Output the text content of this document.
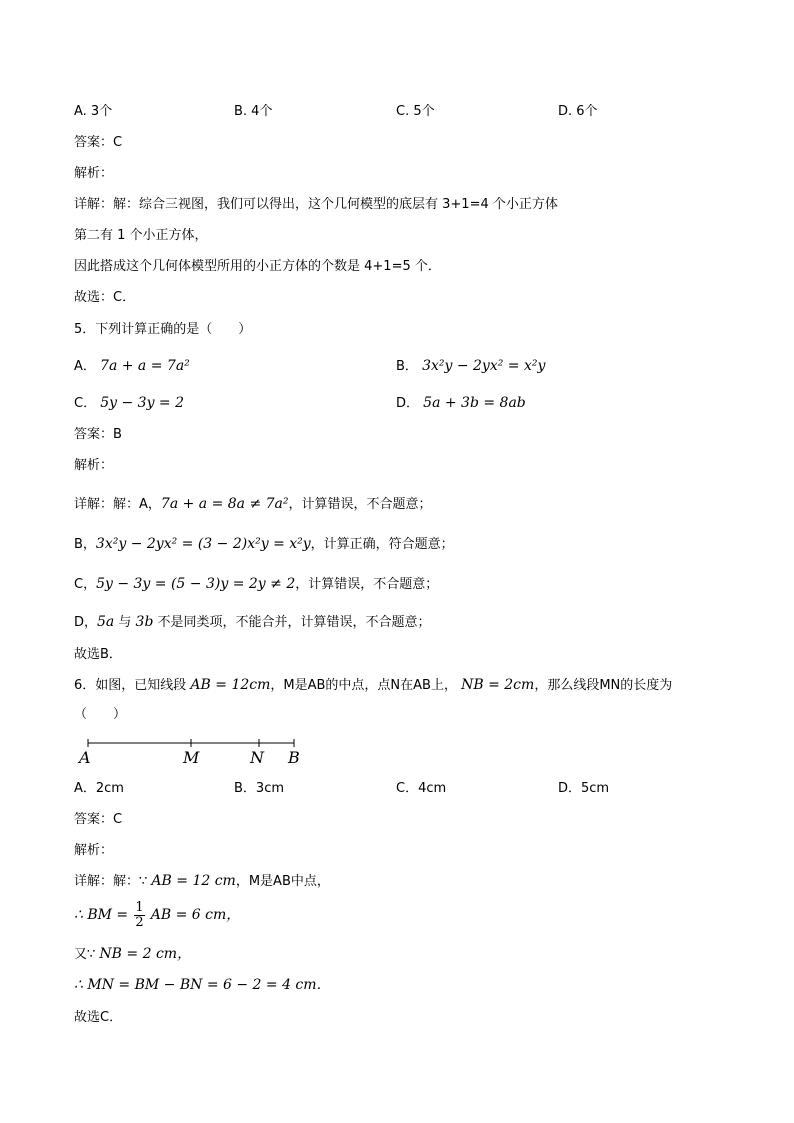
A. 3个	B. 4个	C. 5个	D. 6个
答案：C
解析：
详解：解：综合三视图，我们可以得出，这个几何模型的底层有 3+1=4 个小正方体
第二有 1 个小正方体，
因此搭成这个几何体模型所用的小正方体的个数是 4+1=5 个．
故选：C．
5．下列计算正确的是（　　）
A． 7a + a = 7a²	B． 3x²y − 2yx² = x²y
C． 5y − 3y = 2	D． 5a + 3b = 8ab
答案：B
解析：
详解：解：A，7a + a = 8a ≠ 7a²，计算错误，不合题意；
B，3x²y − 2yx² = (3 − 2)x²y = x²y，计算正确，符合题意；
C，5y − 3y = (5 − 3)y = 2y ≠ 2，计算错误，不合题意；
D，5a 与 3b 不是同类项，不能合并，计算错误，不合题意；
故选B．
6．如图，已知线段 AB = 12cm，M是AB的中点，点N在AB上， NB = 2cm，那么线段MN的长度为
（　　）
A	M	N B
A．2cm	B．3cm	C．4cm	D．5cm
答案：C
解析：
详解：解：∵ AB = 12 cm，M是AB中点，
∴ BM = $\frac{1}{2}$ AB = 6 cm，
又∵ NB = 2 cm，
∴ MN = BM − BN = 6 − 2 = 4 cm．
故选C．
